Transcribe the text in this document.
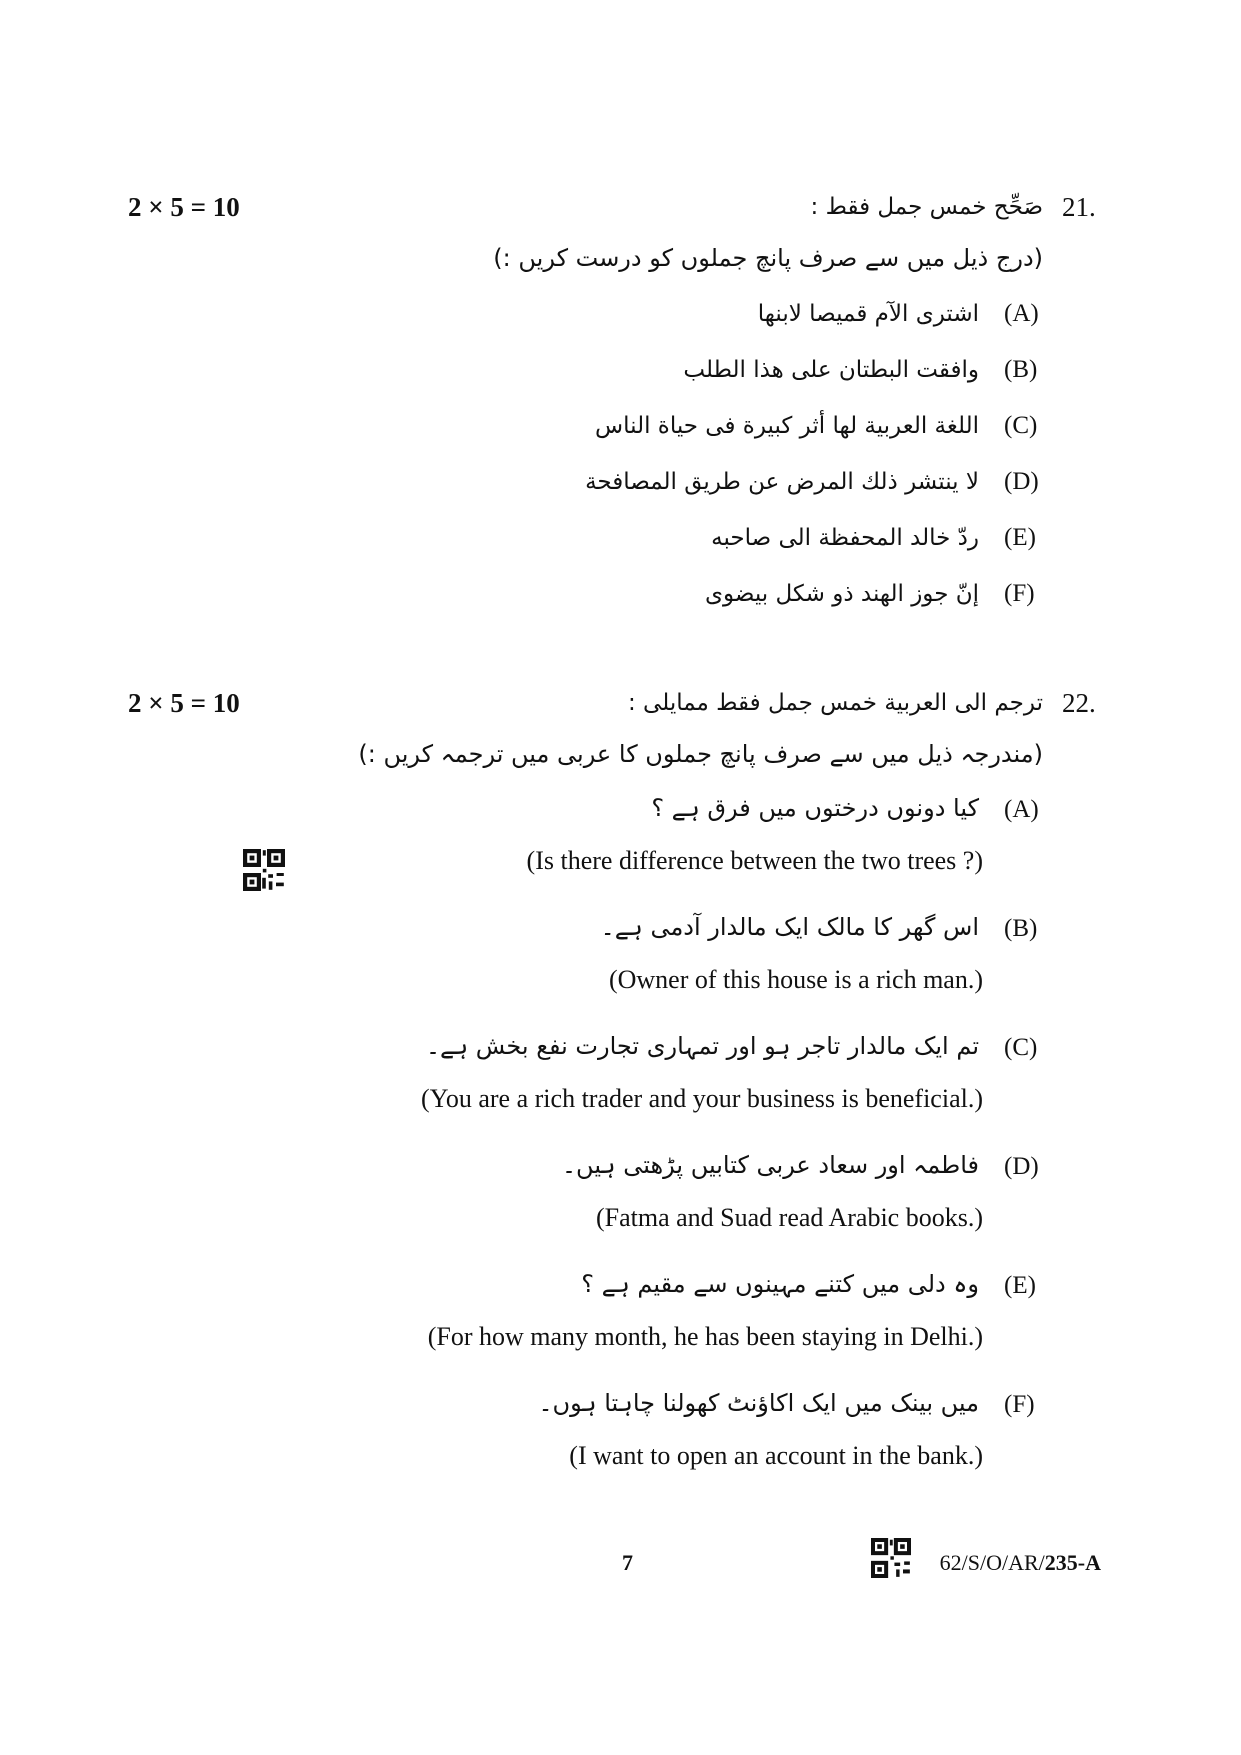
2 × 5 = 10	21.
صَحِّح خمس جمل فقط :
(درج ذیل میں سے صرف پانچ جملوں کو درست کریں :)
(A)
اشترى الآم قميصا لابنها
(B)
وافقت البطتان على هذا الطلب
(C)
اللغة العربية لها أثر كبيرة فى حياة الناس
(D)
لا ينتشر ذلك المرض عن طريق المصافحة
(E)
ردّ خالد المحفظة الى صاحبه
(F)
إنّ جوز الهند ذو شكل بيضوى
2 × 5 = 10	22.
ترجم الى العربية خمس جمل فقط ممايلى :
(مندرجہ ذیل میں سے صرف پانچ جملوں کا عربی میں ترجمہ کریں :)
(A)
کیا دونوں درختوں میں فرق ہے ؟
(Is there difference between the two trees ?)
(B)
اس گھر کا مالک ایک مالدار آدمی ہے۔
(Owner of this house is a rich man.)
(C)
تم ایک مالدار تاجر ہو اور تمہاری تجارت نفع بخش ہے۔
(You are a rich trader and your business is beneficial.)
(D)
فاطمہ اور سعاد عربی کتابیں پڑھتی ہیں۔
(Fatma and Suad read Arabic books.)
(E)
وہ دلی میں کتنے مہینوں سے مقیم ہے ؟
(For how many month, he has been staying in Delhi.)
(F)
میں بینک میں ایک اکاؤنٹ کھولنا چاہتا ہوں۔
(I want to open an account in the bank.)
7	62/S/O/AR/235-A
